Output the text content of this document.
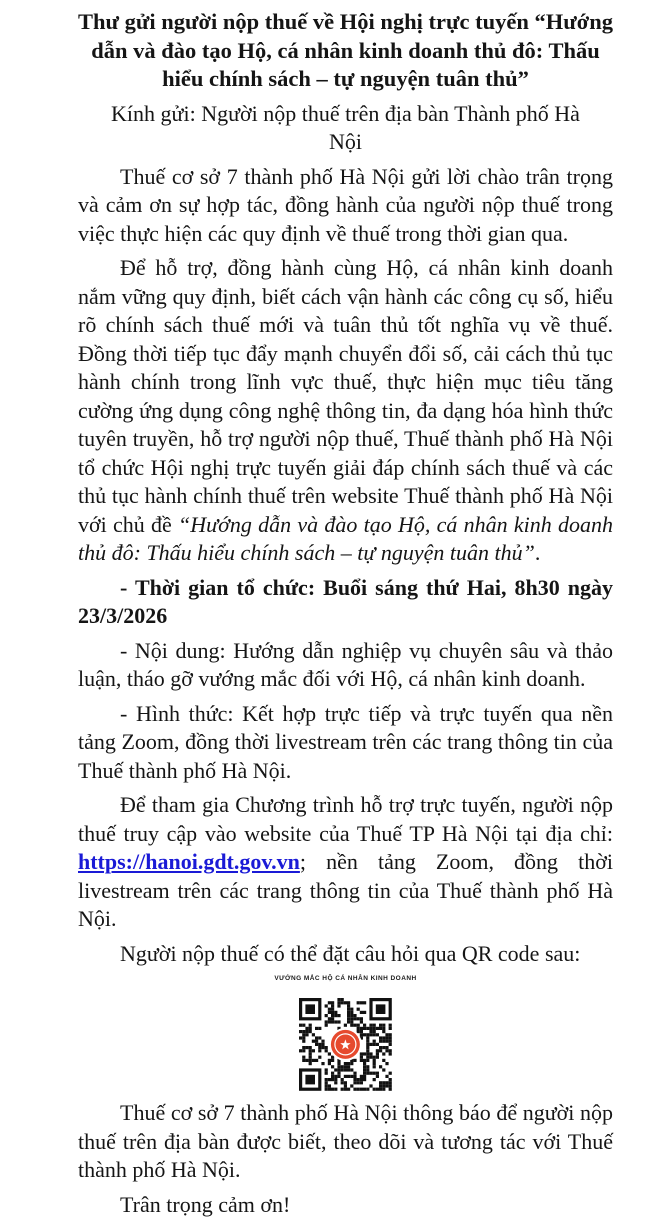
Thư gửi người nộp thuế về Hội nghị trực tuyến “Hướng dẫn và đào tạo Hộ, cá nhân kinh doanh thủ đô: Thấu hiểu chính sách – tự nguyện tuân thủ”
Kính gửi: Người nộp thuế trên địa bàn Thành phố Hà Nội

Thuế cơ sở 7 thành phố Hà Nội gửi lời chào trân trọng và cảm ơn sự hợp tác, đồng hành của người nộp thuế trong việc thực hiện các quy định về thuế trong thời gian qua.

Để hỗ trợ, đồng hành cùng Hộ, cá nhân kinh doanh nắm vững quy định, biết cách vận hành các công cụ số, hiểu rõ chính sách thuế mới và tuân thủ tốt nghĩa vụ về thuế. Đồng thời tiếp tục đẩy mạnh chuyển đổi số, cải cách thủ tục hành chính trong lĩnh vực thuế, thực hiện mục tiêu tăng cường ứng dụng công nghệ thông tin, đa dạng hóa hình thức tuyên truyền, hỗ trợ người nộp thuế, Thuế thành phố Hà Nội tổ chức Hội nghị trực tuyến giải đáp chính sách thuế và các thủ tục hành chính thuế trên website Thuế thành phố Hà Nội với chủ đề “Hướng dẫn và đào tạo Hộ, cá nhân kinh doanh thủ đô: Thấu hiểu chính sách – tự nguyện tuân thủ”.

- Thời gian tổ chức: Buổi sáng thứ Hai, 8h30 ngày 23/3/2026

- Nội dung: Hướng dẫn nghiệp vụ chuyên sâu và thảo luận, tháo gỡ vướng mắc đối với Hộ, cá nhân kinh doanh.

- Hình thức: Kết hợp trực tiếp và trực tuyến qua nền tảng Zoom, đồng thời livestream trên các trang thông tin của Thuế thành phố Hà Nội.

Để tham gia Chương trình hỗ trợ trực tuyến, người nộp thuế truy cập vào website của Thuế TP Hà Nội tại địa chỉ: https://hanoi.gdt.gov.vn; nền tảng Zoom, đồng thời livestream trên các trang thông tin của Thuế thành phố Hà Nội.

Người nộp thuế có thể đặt câu hỏi qua QR code sau:

VƯỚNG MẮC HỘ CÁ NHÂN KINH DOANH

Thuế cơ sở 7 thành phố Hà Nội thông báo để người nộp thuế trên địa bàn được biết, theo dõi và tương tác với Thuế thành phố Hà Nội.

Trân trọng cảm ơn!
